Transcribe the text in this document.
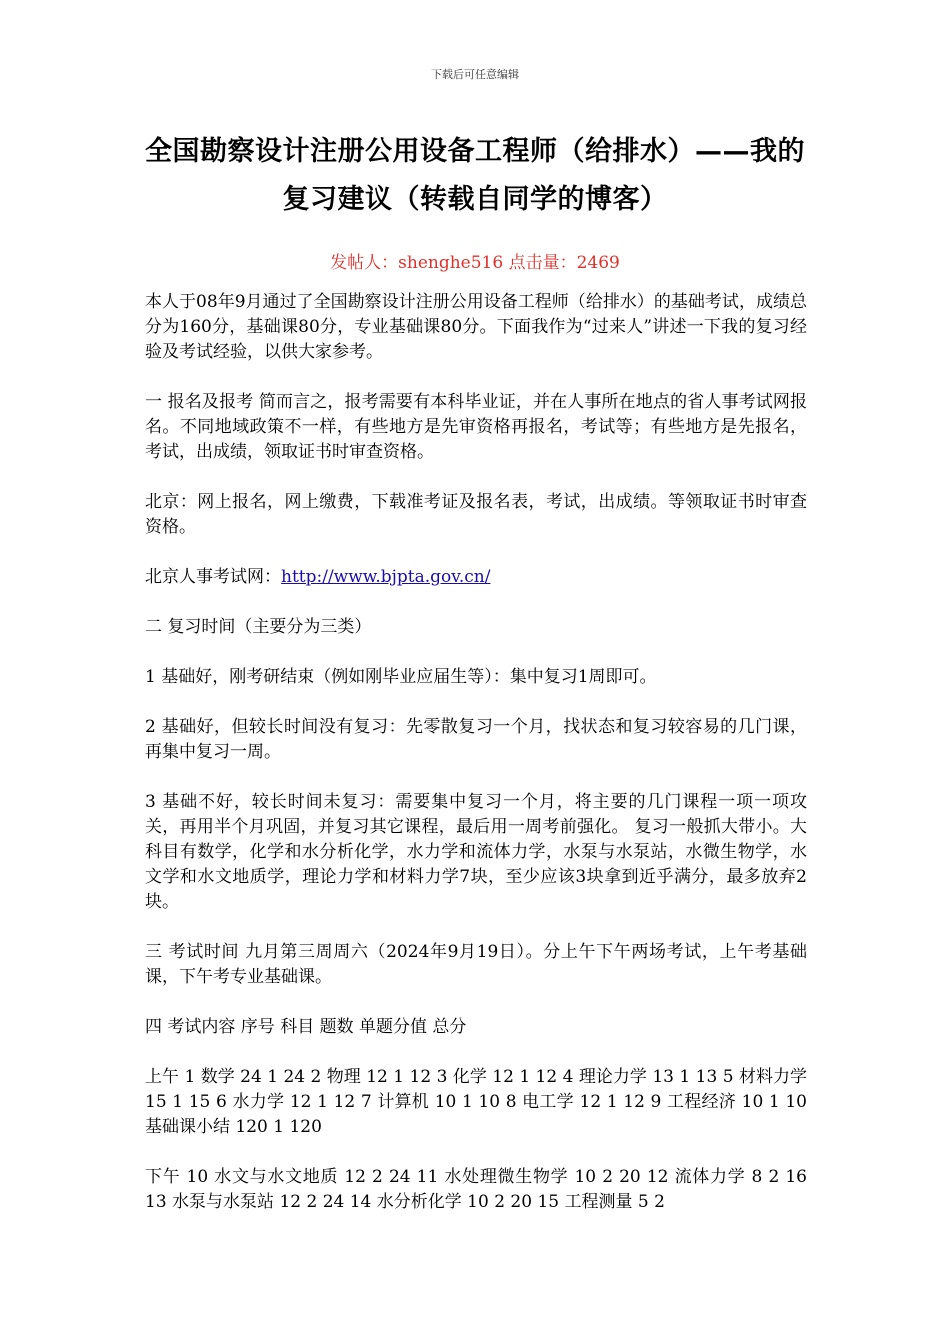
下载后可任意编辑
全国勘察设计注册公用设备工程师（给排水）——我的复习建议（转载自同学的博客）
发帖人：shenghe516 点击量：2469

本人于08年9月通过了全国勘察设计注册公用设备工程师（给排水）的基础考试，成绩总分为160分，基础课80分，专业基础课80分。下面我作为“过来人”讲述一下我的复习经验及考试经验，以供大家参考。

一 报名及报考 简而言之，报考需要有本科毕业证，并在人事所在地点的省人事考试网报名。不同地域政策不一样，有些地方是先审资格再报名，考试等；有些地方是先报名，考试，出成绩，领取证书时审查资格。

北京：网上报名，网上缴费，下载准考证及报名表，考试，出成绩。等领取证书时审查资格。

北京人事考试网：http://www.bjpta.gov.cn/

二 复习时间（主要分为三类）

1 基础好，刚考研结束（例如刚毕业应届生等）：集中复习1周即可。

2 基础好，但较长时间没有复习：先零散复习一个月，找状态和复习较容易的几门课，再集中复习一周。

3 基础不好，较长时间未复习：需要集中复习一个月，将主要的几门课程一项一项攻关，再用半个月巩固，并复习其它课程，最后用一周考前强化。 复习一般抓大带小。大科目有数学，化学和水分析化学，水力学和流体力学，水泵与水泵站，水微生物学，水文学和水文地质学，理论力学和材料力学7块，至少应该3块拿到近乎满分，最多放弃2块。

三 考试时间 九月第三周周六（2024年9月19日）。分上午下午两场考试，上午考基础课，下午考专业基础课。

四 考试内容 序号 科目 题数 单题分值 总分

上午 1 数学 24 1 24 2 物理 12 1 12 3 化学 12 1 12 4 理论力学 13 1 13 5 材料力学 15 1 15 6 水力学 12 1 12 7 计算机 10 1 10 8 电工学 12 1 12 9 工程经济 10 1 10 基础课小结 120 1 120

下午 10 水文与水文地质 12 2 24 11 水处理微生物学 10 2 20 12 流体力学 8 2 16 13 水泵与水泵站 12 2 24 14 水分析化学 10 2 20 15 工程测量 5 2
